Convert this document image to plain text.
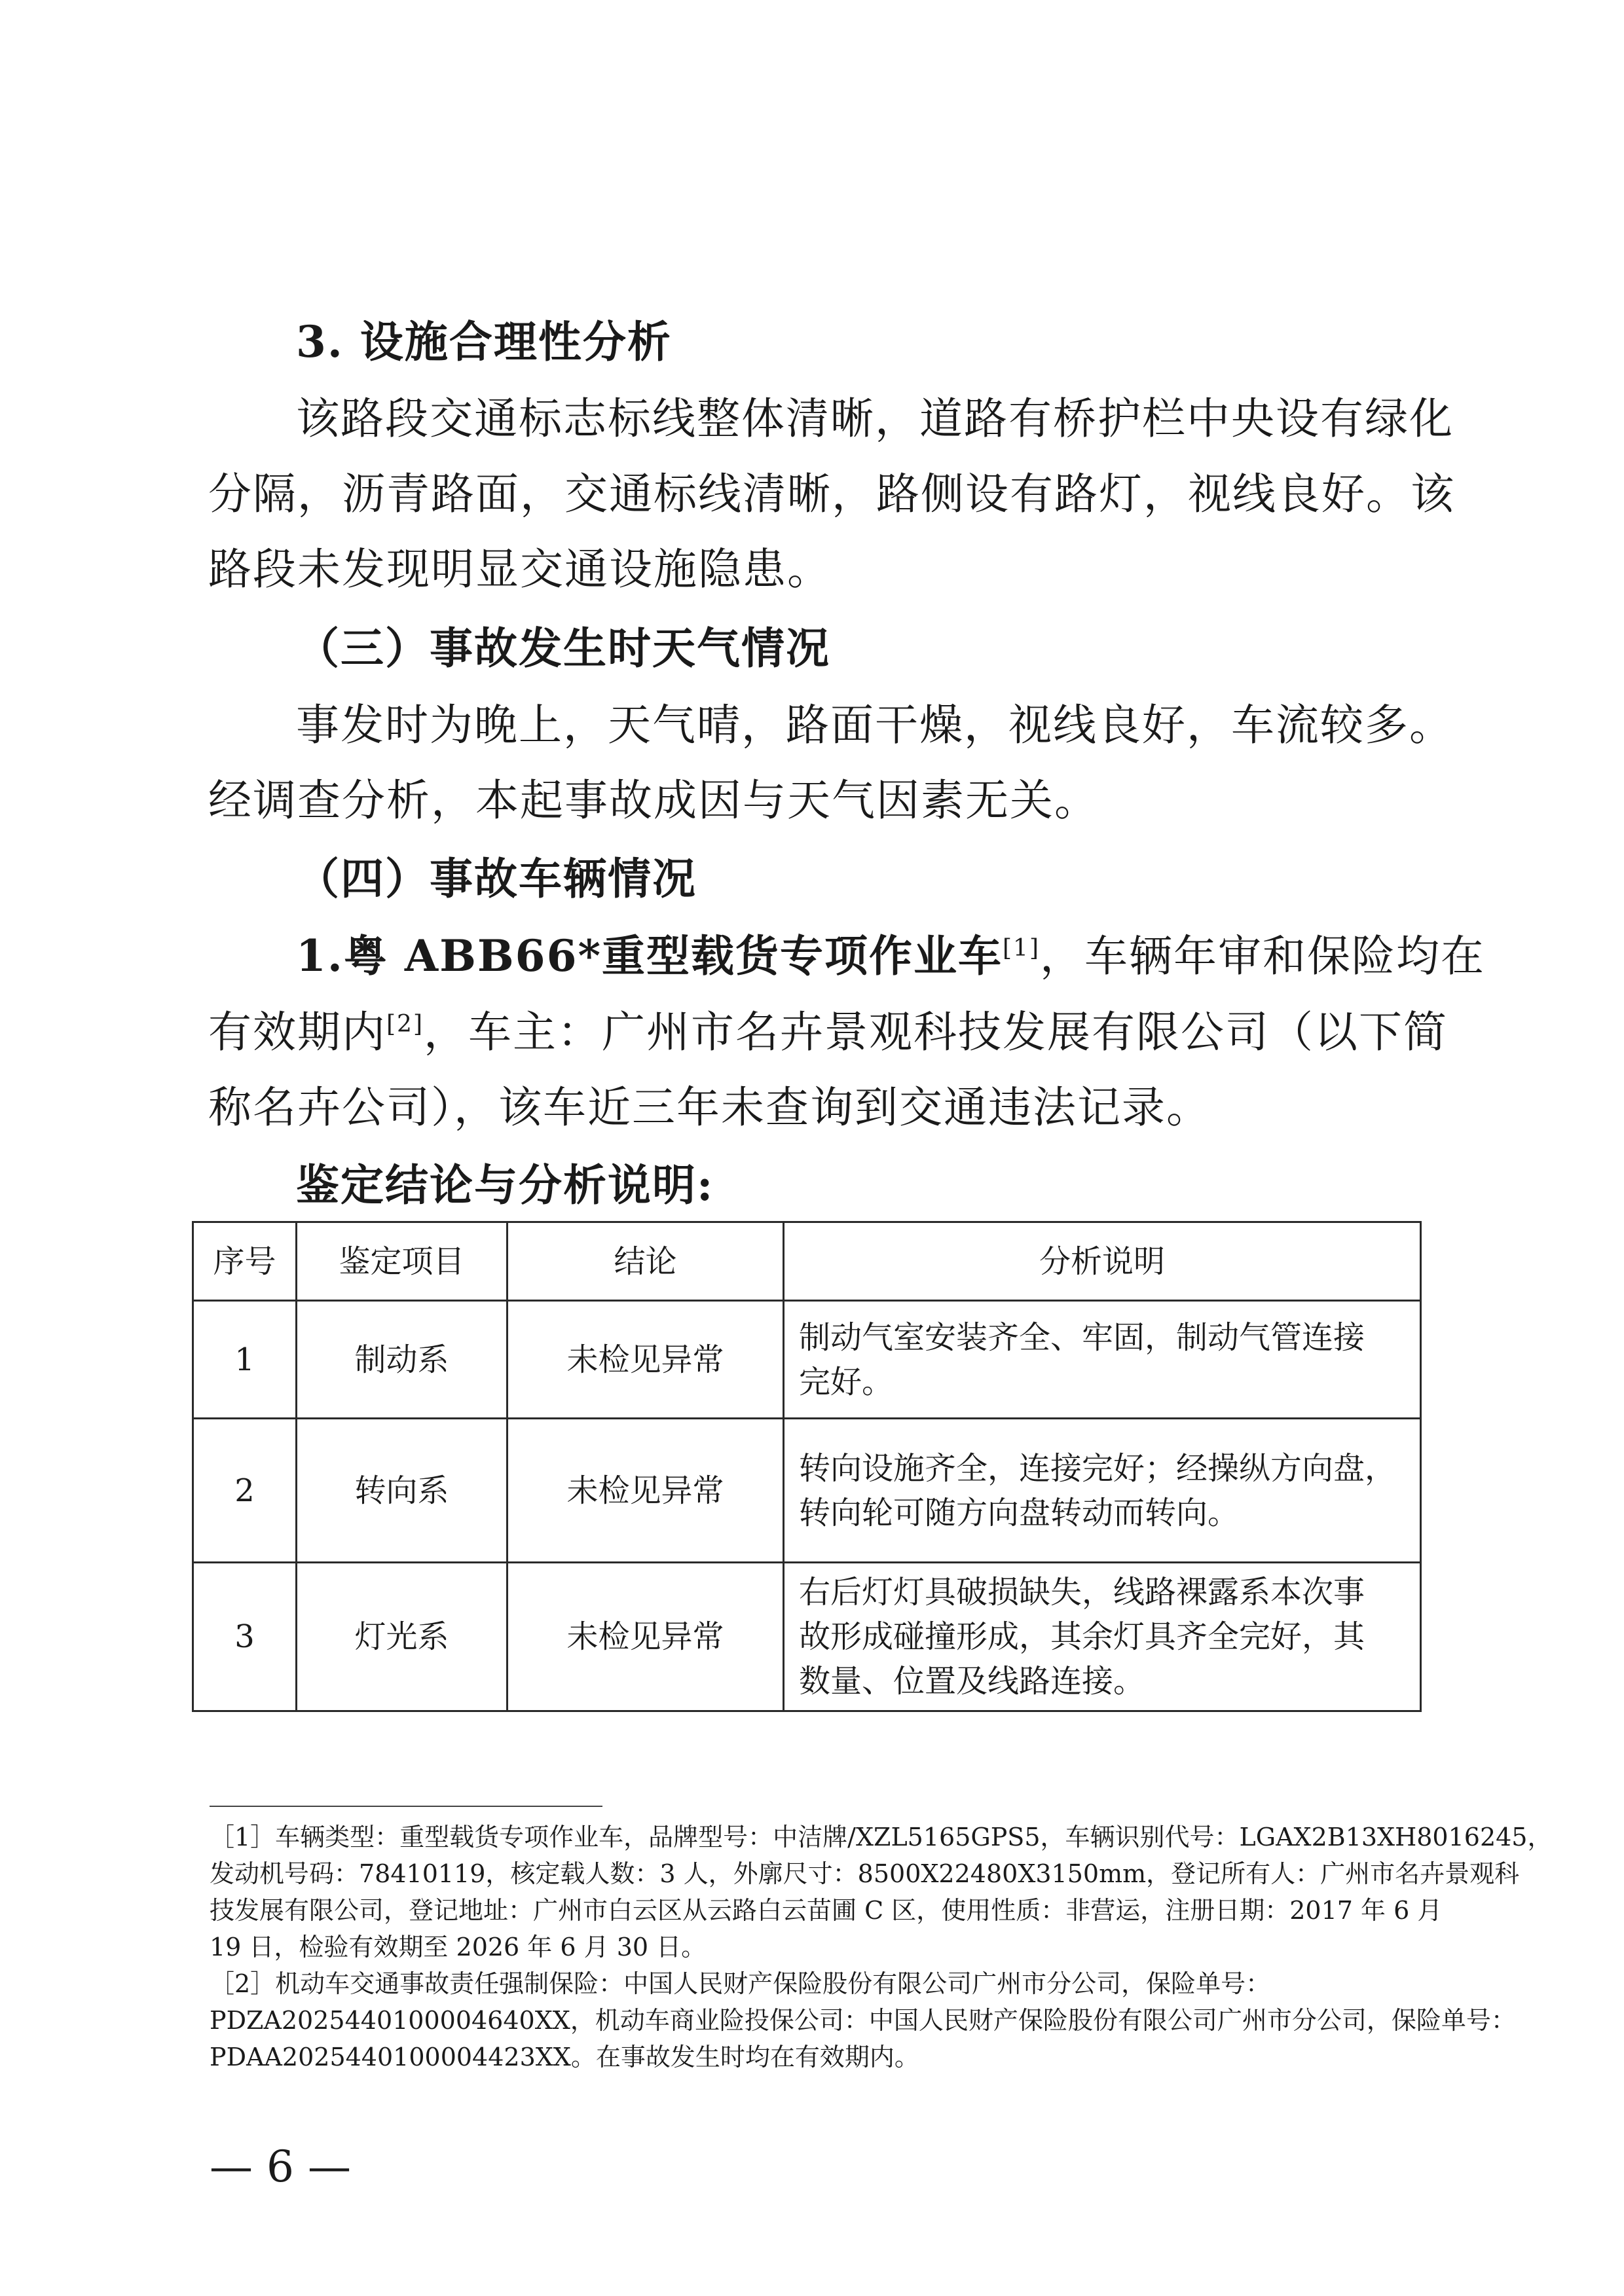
3. 设施合理性分析
该路段交通标志标线整体清晰，道路有桥护栏中央设有绿化
分隔，沥青路面，交通标线清晰，路侧设有路灯，视线良好。该
路段未发现明显交通设施隐患。
（三）事故发生时天气情况
事发时为晚上，天气晴，路面干燥，视线良好，车流较多。
经调查分析，本起事故成因与天气因素无关。
（四）事故车辆情况
1.粤 ABB66*重型载货专项作业车[1]，车辆年审和保险均在
有效期内[2]，车主：广州市名卉景观科技发展有限公司（以下简
称名卉公司），该车近三年未查询到交通违法记录。
鉴定结论与分析说明:
序号	鉴定项目	结论	分析说明
1	制动系	未检见异常	制动气室安装齐全、牢固，制动气管连接
完好。

2	转向系	未检见异常	转向设施齐全，连接完好；经操纵方向盘，
转向轮可随方向盘转动而转向。

3	灯光系	未检见异常	右后灯灯具破损缺失，线路裸露系本次事
故形成碰撞形成，其余灯具齐全完好，其
数量、位置及线路连接。
［1］车辆类型：重型载货专项作业车，品牌型号：中洁牌/XZL5165GPS5，车辆识别代号：LGAX2B13XH8016245，
发动机号码：78410119，核定载人数：3 人，外廓尺寸：8500X22480X3150mm，登记所有人：广州市名卉景观科
技发展有限公司，登记地址：广州市白云区从云路白云苗圃 C 区，使用性质：非营运，注册日期：2017 年 6 月
19 日，检验有效期至 2026 年 6 月 30 日。
［2］机动车交通事故责任强制保险：中国人民财产保险股份有限公司广州市分公司，保险单号：
PDZA2025440100004640XX，机动车商业险投保公司：中国人民财产保险股份有限公司广州市分公司，保险单号：
PDAA2025440100004423XX。在事故发生时均在有效期内。
— 6 —
